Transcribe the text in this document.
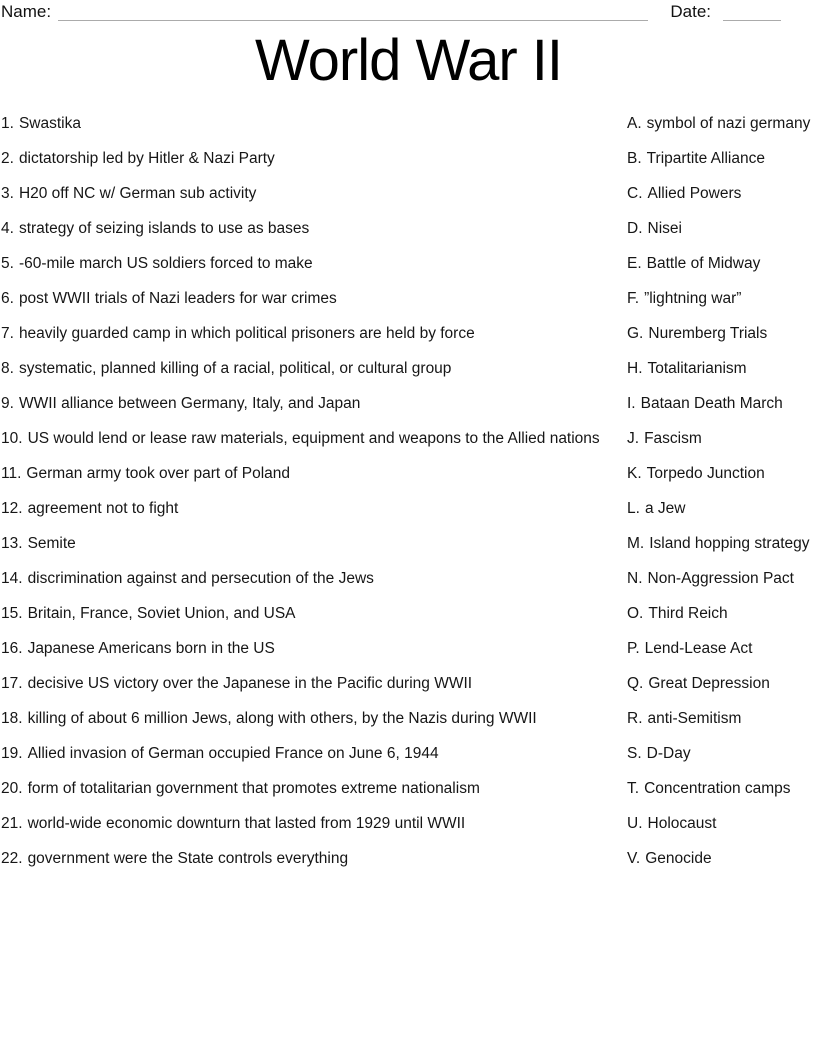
Name:	Date:
World War II

1. Swastika	A. symbol of nazi germany

2. dictatorship led by Hitler & Nazi Party	B. Tripartite Alliance

3. H20 off NC w/ German sub activity	C. Allied Powers

4. strategy of seizing islands to use as bases	D. Nisei

5. -60-mile march US soldiers forced to make	E. Battle of Midway

6. post WWII trials of Nazi leaders for war crimes	F. ”lightning war”

7. heavily guarded camp in which political prisoners are held by force	G. Nuremberg Trials

8. systematic, planned killing of a racial, political, or cultural group	H. Totalitarianism

9. WWII alliance between Germany, Italy, and Japan	I. Bataan Death March

10. US would lend or lease raw materials, equipment and weapons to the Allied nations	J. Fascism

11. German army took over part of Poland	K. Torpedo Junction

12. agreement not to fight	L. a Jew

13. Semite	M. Island hopping strategy

14. discrimination against and persecution of the Jews	N. Non-Aggression Pact

15. Britain, France, Soviet Union, and USA	O. Third Reich

16. Japanese Americans born in the US	P. Lend-Lease Act

17. decisive US victory over the Japanese in the Pacific during WWII	Q. Great Depression

18. killing of about 6 million Jews, along with others, by the Nazis during WWII	R. anti-Semitism

19. Allied invasion of German occupied France on June 6, 1944	S. D-Day

20. form of totalitarian government that promotes extreme nationalism	T. Concentration camps

21. world-wide economic downturn that lasted from 1929 until WWII	U. Holocaust

22. government were the State controls everything	V. Genocide
